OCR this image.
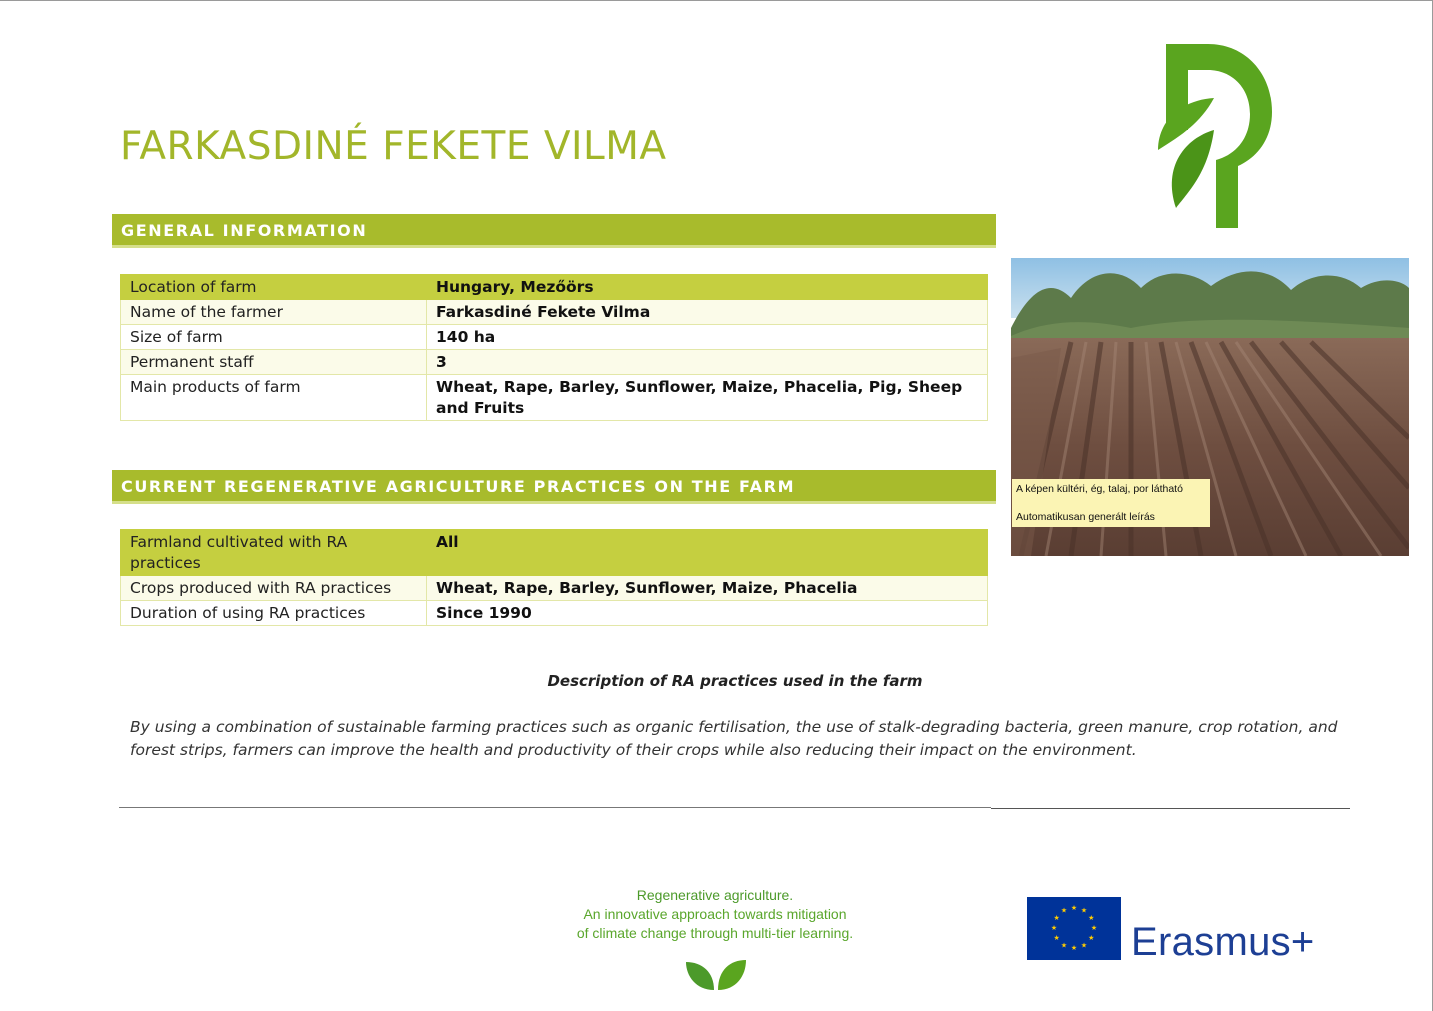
FARKASDINÉ FEKETE VILMA
GENERAL INFORMATION
Location of farm	Hungary, Mezőörs
Name of the farmer	Farkasdiné Fekete Vilma
Size of farm	140 ha
Permanent staff	3
Main products of farm	Wheat, Rape, Barley, Sunflower, Maize, Phacelia, Pig, Sheep and Fruits
CURRENT REGENERATIVE AGRICULTURE PRACTICES ON THE FARM
Farmland cultivated with RA practices	All
Crops produced with RA practices	Wheat, Rape, Barley, Sunflower, Maize, Phacelia
Duration of using RA practices	Since 1990
A képen kültéri, ég, talaj, por látható
Automatikusan generált leírás
Description of RA practices used in the farm
By using a combination of sustainable farming practices such as organic fertilisation, the use of stalk-degrading bacteria, green manure, crop rotation, and forest strips, farmers can improve the health and productivity of their crops while also reducing their impact on the environment.
Regenerative agriculture.
An innovative approach towards mitigation
of climate change through multi-tier learning.
★ ★
★
★
★
★
★
★
★
★
★
★
Erasmus+
